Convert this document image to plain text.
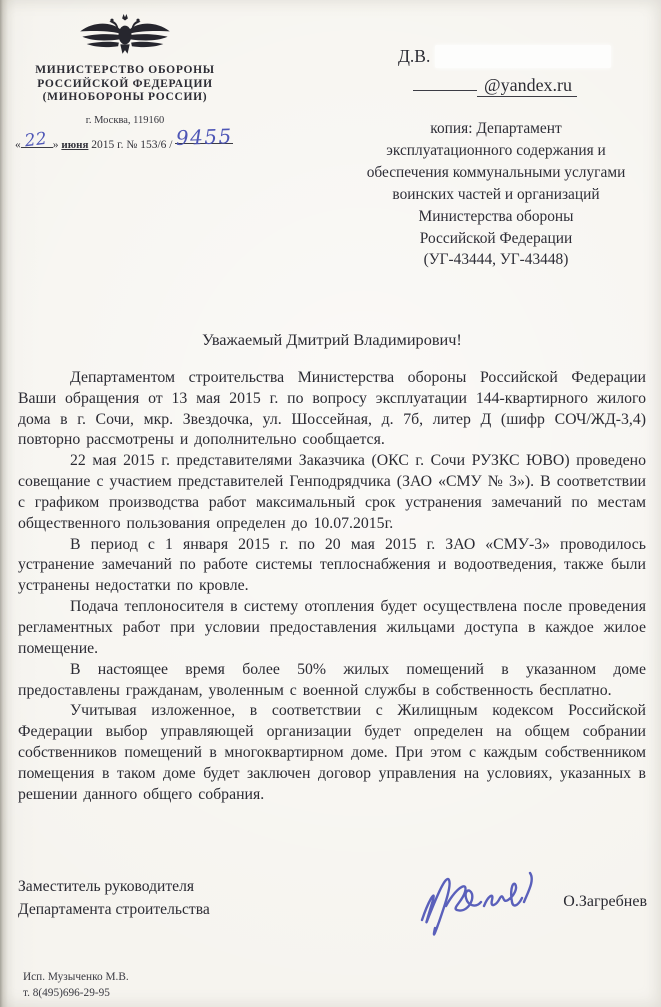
МИНИСТЕРСТВО ОБОРОНЫ
РОССИЙСКОЙ ФЕДЕРАЦИИ
(МИНОБОРОНЫ РОССИИ)
г. Москва, 119160
« 22 » июня 2015 г. № 153/6 / 9455
Д.В.
@yandex.ru
копия: Департамент
эксплуатационного содержания и
обеспечения коммунальными услугами
воинских частей и организаций
Министерства обороны
Российской Федерации
(УГ-43444, УГ-43448)
Уважаемый Дмитрий Владимирович!

Департаментом строительства Министерства обороны Российской Федерации Ваши обращения от 13 мая 2015 г. по вопросу эксплуатации 144-квартирного жилого дома в г. Сочи, мкр. Звездочка, ул. Шоссейная, д. 7б, литер Д (шифр СОЧ/ЖД-3,4) повторно рассмотрены и дополнительно сообщается.

22 мая 2015 г. представителями Заказчика (ОКС г. Сочи РУЗКС ЮВО) проведено совещание с участием представителей Генподрядчика (ЗАО «СМУ № 3»). В соответствии с графиком производства работ максимальный срок устранения замечаний по местам общественного пользования определен до 10.07.2015г.

В период с 1 января 2015 г. по 20 мая 2015 г. ЗАО «СМУ-3» проводилось устранение замечаний по работе системы теплоснабжения и водоотведения, также были устранены недостатки по кровле.

Подача теплоносителя в систему отопления будет осуществлена после проведения регламентных работ при условии предоставления жильцами доступа в каждое жилое помещение.

В настоящее время более 50% жилых помещений в указанном доме предоставлены гражданам, уволенным с военной службы в собственность бесплатно.

Учитывая изложенное, в соответствии с Жилищным кодексом Российской Федерации выбор управляющей организации будет определен на общем собрании собственников помещений в многоквартирном доме. При этом с каждым собственником помещения в таком доме будет заключен договор управления на условиях, указанных в решении данного общего собрания.

Заместитель руководителя
Департамента строительства	О.Загребнев
Исп. Музыченко М.В.
т. 8(495)696-29-95
